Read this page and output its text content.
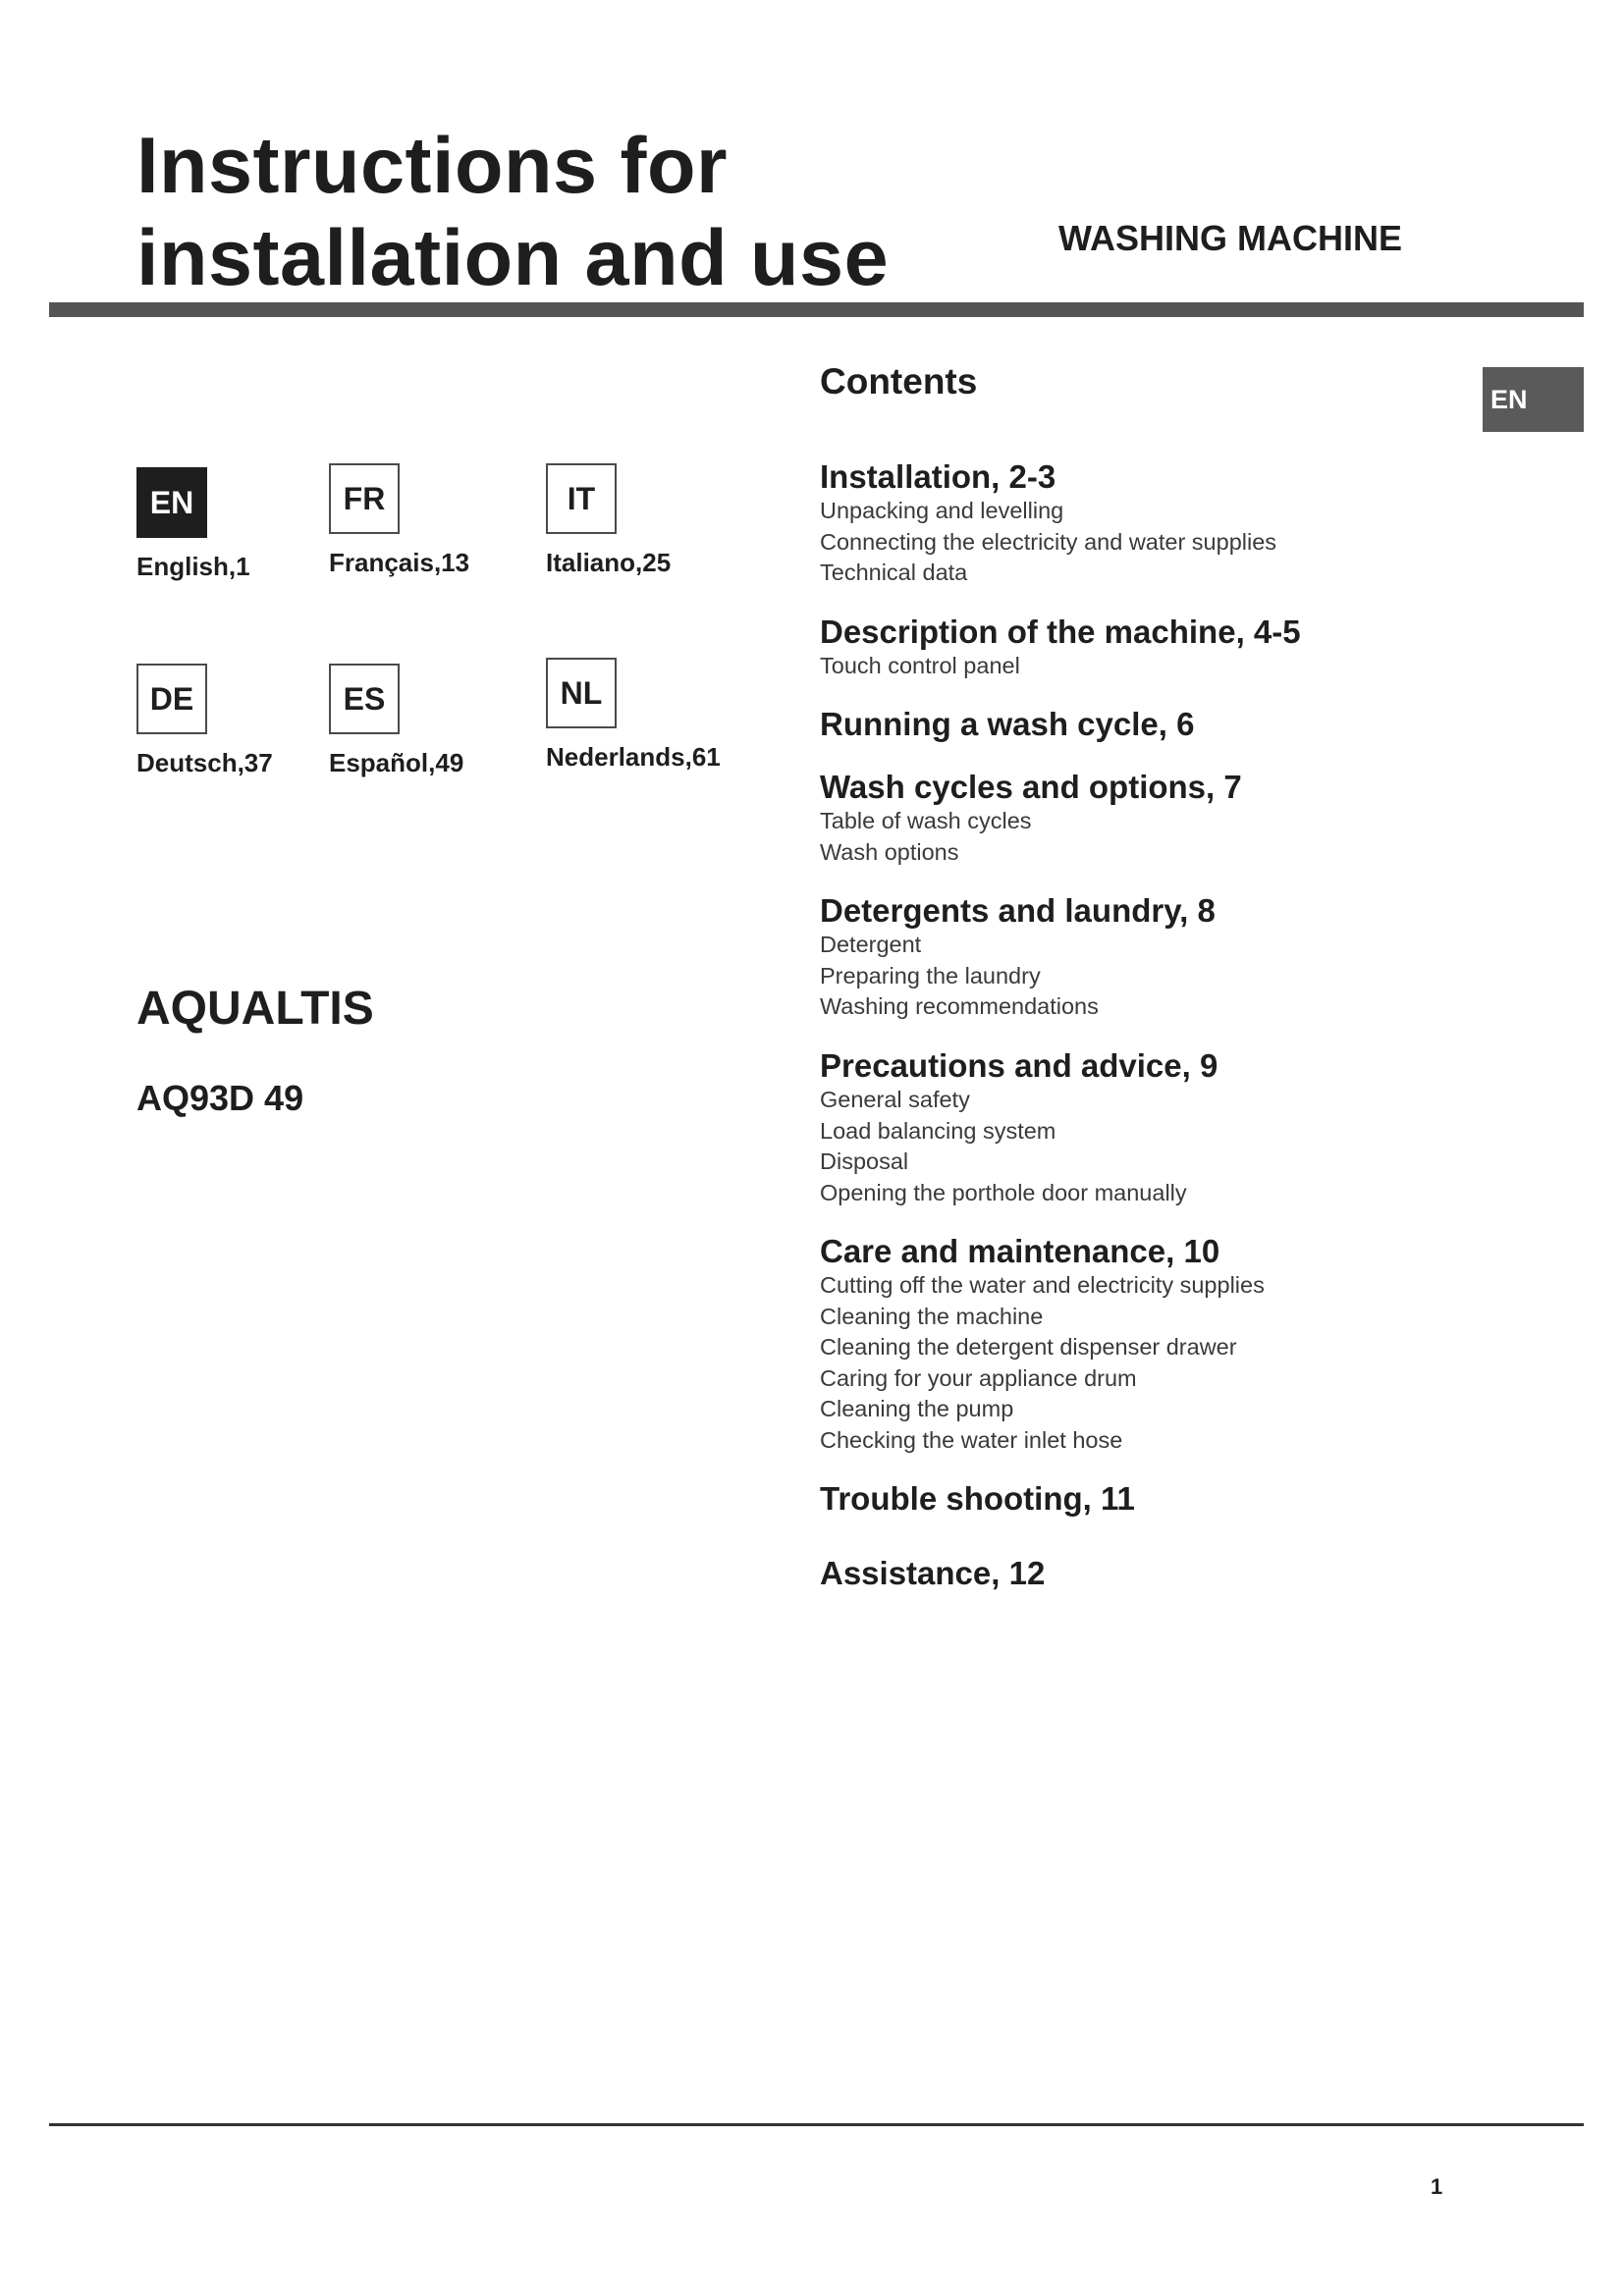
Instructions for
installation and use	WASHING MACHINE
EN
EN
English,1
FR
Français,13
IT
Italiano,25
DE
Deutsch,37
ES
Español,49
NL
Nederlands,61
AQUALTIS
AQ93D 49
Contents
Installation, 2-3
Unpacking and levelling
Connecting the electricity and water supplies
Technical data
Description of the machine, 4-5
Touch control panel
Running a wash cycle, 6
Wash cycles and options, 7
Table of wash cycles
Wash options
Detergents and laundry, 8
Detergent
Preparing the laundry
Washing recommendations
Precautions and advice, 9
General safety
Load balancing system
Disposal
Opening the porthole door manually
Care and maintenance, 10
Cutting off the water and electricity supplies
Cleaning the machine
Cleaning the detergent dispenser drawer
Caring for your appliance drum
Cleaning the pump
Checking the water inlet hose
Trouble shooting, 11
Assistance, 12
1
